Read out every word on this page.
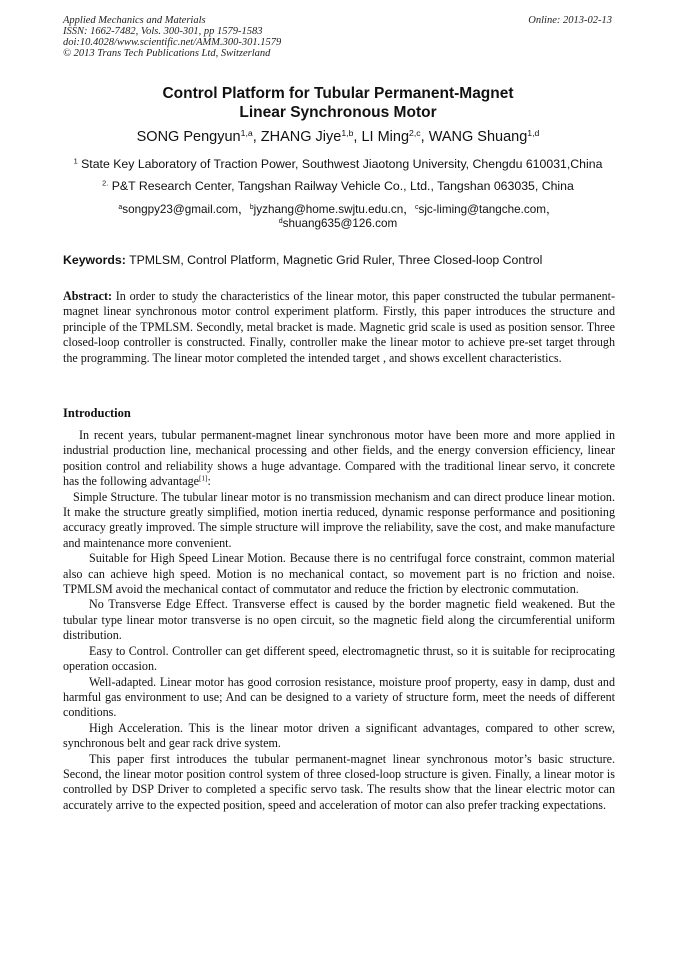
Applied Mechanics and Materials
ISSN: 1662-7482, Vols. 300-301, pp 1579-1583
doi:10.4028/www.scientific.net/AMM.300-301.1579
© 2013 Trans Tech Publications Ltd, Switzerland
Online: 2013-02-13
Control Platform for Tubular Permanent-Magnet
Linear Synchronous Motor
SONG Pengyun$^{1,a}$, ZHANG Jiye$^{1,b}$, LI Ming$^{2,c}$, WANG Shuang$^{1,d}$
$^1$ State Key Laboratory of Traction Power, Southwest Jiaotong University, Chengdu 610031,China
$^{2.}$ P&T Research Center, Tangshan Railway Vehicle Co., Ltd., Tangshan 063035, China
$^a$songpy23@gmail.com，$^b$jyzhang@home.swjtu.edu.cn，$^c$sjc-liming@tangche.com，
$^d$shuang635@126.com
Keywords: TPMLSM, Control Platform, Magnetic Grid Ruler, Three Closed-loop Control
Abstract: In order to study the characteristics of the linear motor, this paper constructed the tubular permanent-magnet linear synchronous motor control experiment platform. Firstly, this paper introduces the structure and principle of the TPMLSM. Secondly, metal bracket is made. Magnetic grid scale is used as position sensor. Three closed-loop controller is constructed. Finally, controller make the linear motor to achieve pre-set target through the programming. The linear motor completed the intended target , and shows excellent characteristics.
Introduction

In recent years, tubular permanent-magnet linear synchronous motor have been more and more applied in industrial production line, mechanical processing and other fields, and the energy conversion efficiency, linear position control and reliability shows a huge advantage. Compared with the traditional linear servo, it concrete has the following advantage[1]:

Simple Structure. The tubular linear motor is no transmission mechanism and can direct produce linear motion. It make the structure greatly simplified, motion inertia reduced, dynamic response performance and positioning accuracy greatly improved. The simple structure will improve the reliability, save the cost, and make manufacture and maintenance more convenient.

Suitable for High Speed Linear Motion. Because there is no centrifugal force constraint, common material also can achieve high speed. Motion is no mechanical contact, so movement part is no friction and noise. TPMLSM avoid the mechanical contact of commutator and reduce the friction by electronic commutation.

No Transverse Edge Effect. Transverse effect is caused by the border magnetic field weakened. But the tubular type linear motor transverse is no open circuit, so the magnetic field along the circumferential uniform distribution.

Easy to Control. Controller can get different speed, electromagnetic thrust, so it is suitable for reciprocating operation occasion.

Well-adapted. Linear motor has good corrosion resistance, moisture proof property, easy in damp, dust and harmful gas environment to use; And can be designed to a variety of structure form, meet the needs of different conditions.

High Acceleration. This is the linear motor driven a significant advantages, compared to other screw, synchronous belt and gear rack drive system.

This paper first introduces the tubular permanent-magnet linear synchronous motor’s basic structure. Second, the linear motor position control system of three closed-loop structure is given. Finally, a linear motor is controlled by DSP Driver to completed a specific servo task. The results show that the linear electric motor can accurately arrive to the expected position, speed and acceleration of motor can also prefer tracking expectations.
